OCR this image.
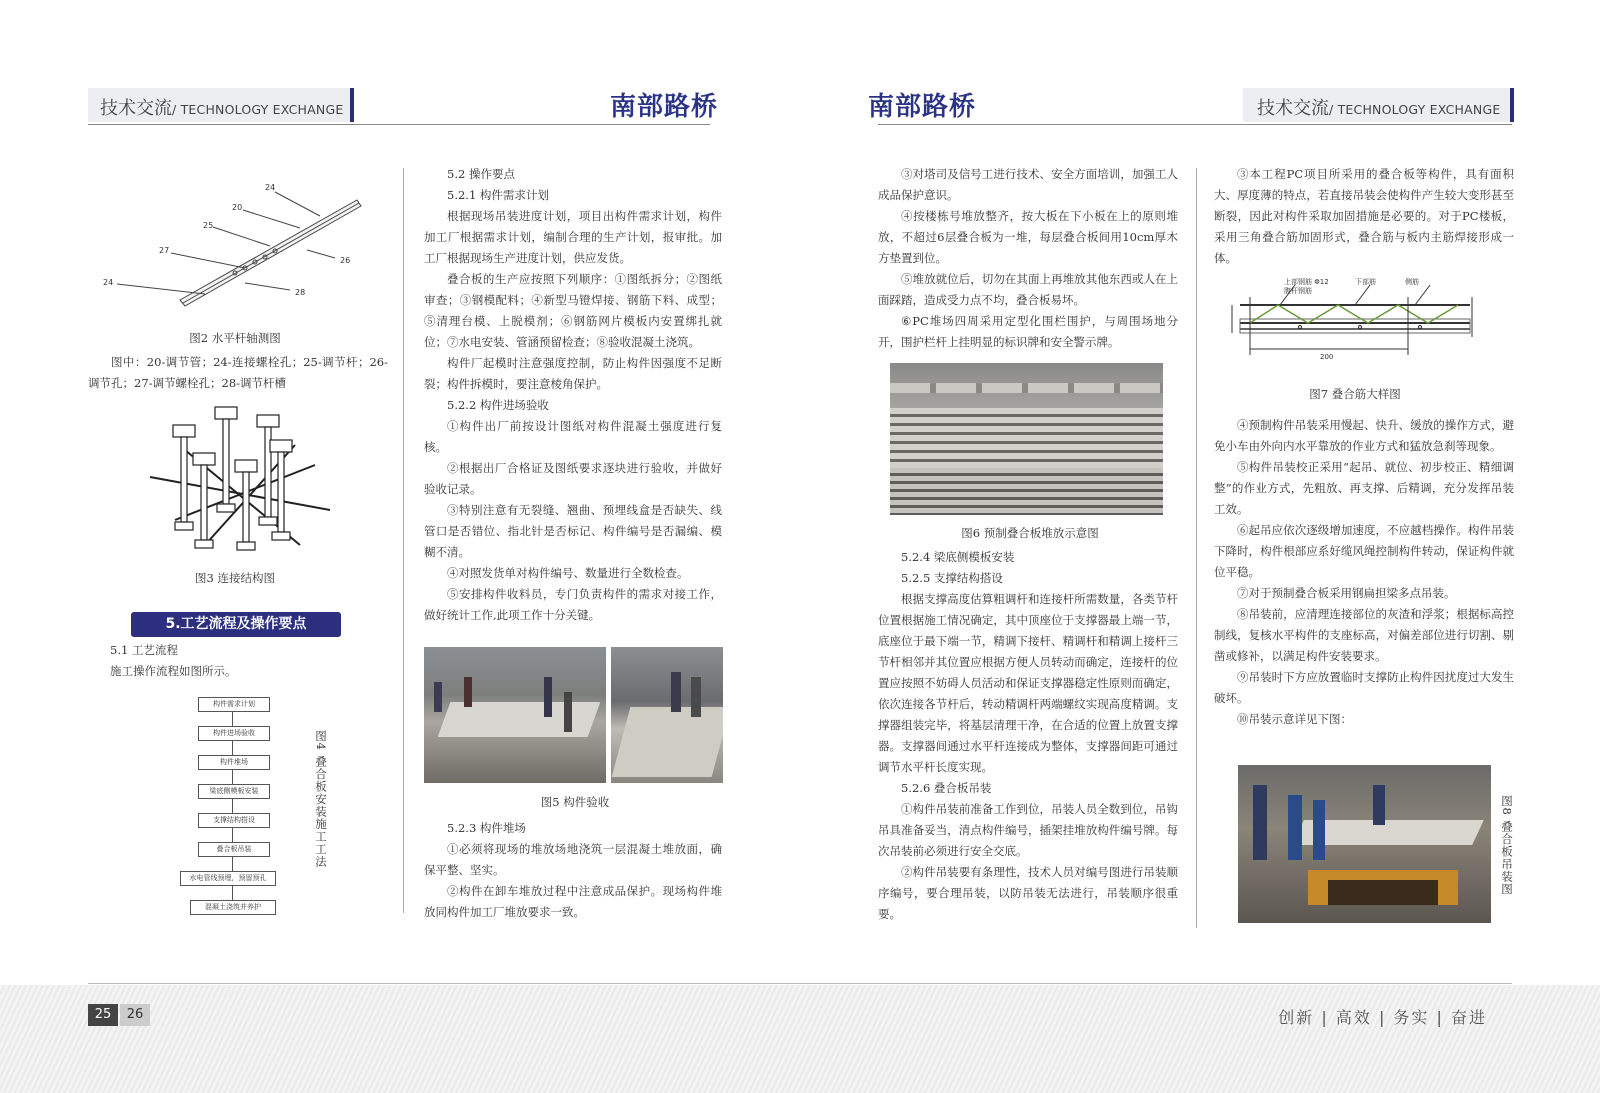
技术交流/ TECHNOLOGY EXCHANGE	南部路桥	南部路桥	技术交流/ TECHNOLOGY EXCHANGE
24
20
25
27
26
24
28
图2 水平杆轴测图

图中：20-调节管；24-连接螺栓孔；25-调节杆；26-调节孔；27-调节螺栓孔；28-调节杆槽

图3 连接结构图
5.工艺流程及操作要点

5.1 工艺流程

施工操作流程如图所示。

构件需求计划
构件进场验收
构件堆场
梁底侧模板安装
支撑结构搭设
叠合板吊装
水电管线预埋，预留预孔
混凝土浇筑并养护
图4 叠合板安装施工工法

5.2 操作要点

5.2.1 构件需求计划

根据现场吊装进度计划，项目出构件需求计划，构件加工厂根据需求计划，编制合理的生产计划，报审批。加工厂根据现场生产进度计划，供应发货。

叠合板的生产应按照下列顺序：①图纸拆分；②图纸审查；③钢模配料；④新型马镫焊接、钢筋下料、成型；⑤清理台模、上脱模剂；⑥钢筋网片模板内安置绑扎就位；⑦水电安装、管涵预留检查；⑧验收混凝土浇筑。

构件厂起模时注意强度控制，防止构件因强度不足断裂；构件拆模时，要注意棱角保护。

5.2.2 构件进场验收

①构件出厂前按设计图纸对构件混凝土强度进行复核。

②根据出厂合格证及图纸要求逐块进行验收，并做好验收记录。

③特别注意有无裂缝、翘曲、预埋线盒是否缺失、线管口是否错位、指北针是否标记、构件编号是否漏编、模糊不清。

④对照发货单对构件编号、数量进行全数检查。

⑤安排构件收料员，专门负责构件的需求对接工作，做好统计工作,此项工作十分关键。

图5 构件验收

5.2.3 构件堆场

①必须将现场的堆放场地浇筑一层混凝土堆放面，确保平整、坚实。

②构件在卸车堆放过程中注意成品保护。现场构件堆放同构件加工厂堆放要求一致。

③对塔司及信号工进行技术、安全方面培训，加强工人成品保护意识。

④按楼栋号堆放整齐，按大板在下小板在上的原则堆放，不超过6层叠合板为一堆，每层叠合板间用10cm厚木方垫置到位。

⑤堆放就位后，切勿在其面上再堆放其他东西或人在上面踩踏，造成受力点不均，叠合板易坏。

⑥PC堆场四周采用定型化围栏围护，与周围场地分开，围护栏杆上挂明显的标识牌和安全警示牌。

图6 预制叠合板堆放示意图

5.2.4 梁底侧模板安装

5.2.5 支撑结构搭设

根据支撑高度估算粗调杆和连接杆所需数量，各类节杆位置根据施工情况确定，其中顶座位于支撑器最上端一节，底座位于最下端一节，精调下接杆、精调杆和精调上接杆三节杆相邻并其位置应根据方便人员转动而确定，连接杆的位置应按照不妨碍人员活动和保证支撑器稳定性原则而确定，依次连接各节杆后，转动精调杆两端螺纹实现高度精调。支撑器组装完毕，将基层清理干净，在合适的位置上放置支撑器。支撑器间通过水平杆连接成为整体，支撑器间距可通过调节水平杆长度实现。

5.2.6 叠合板吊装

①构件吊装前准备工作到位，吊装人员全数到位，吊钩吊具准备妥当，清点构件编号，插架挂堆放构件编号牌。每次吊装前必须进行安全交底。

②构件吊装要有条理性，技术人员对编号图进行吊装顺序编号，要合理吊装，以防吊装无法进行，吊装顺序很重要。

③本工程PC项目所采用的叠合板等构件，具有面积大、厚度薄的特点，若直接吊装会使构件产生较大变形甚至断裂，因此对构件采取加固措施是必要的。对于PC楼板，采用三角叠合筋加固形式，叠合筋与板内主筋焊接形成一体。

上部钢筋 Φ12	下部筋	侧筋
腹杆钢筋
200
图7 叠合筋大样图

④预制构件吊装采用慢起、快升、缓放的操作方式，避免小车由外向内水平靠放的作业方式和猛放急刹等现象。

⑤构件吊装校正采用“起吊、就位、初步校正、精细调整”的作业方式，先粗放、再支撑、后精调，充分发挥吊装工效。

⑥起吊应依次逐级增加速度，不应越档操作。构件吊装下降时，构件根部应系好缆风绳控制构件转动，保证构件就位平稳。

⑦对于预制叠合板采用钢扁担梁多点吊装。

⑧吊装前，应清理连接部位的灰渣和浮浆；根据标高控制线，复核水平构件的支座标高，对偏差部位进行切割、剔凿或修补，以满足构件安装要求。

⑨吊装时下方应放置临时支撑防止构件因扰度过大发生破坏。

⑩吊装示意详见下图：

图8 叠合板吊装图
25	26	创新 | 高效 | 务实 | 奋进
